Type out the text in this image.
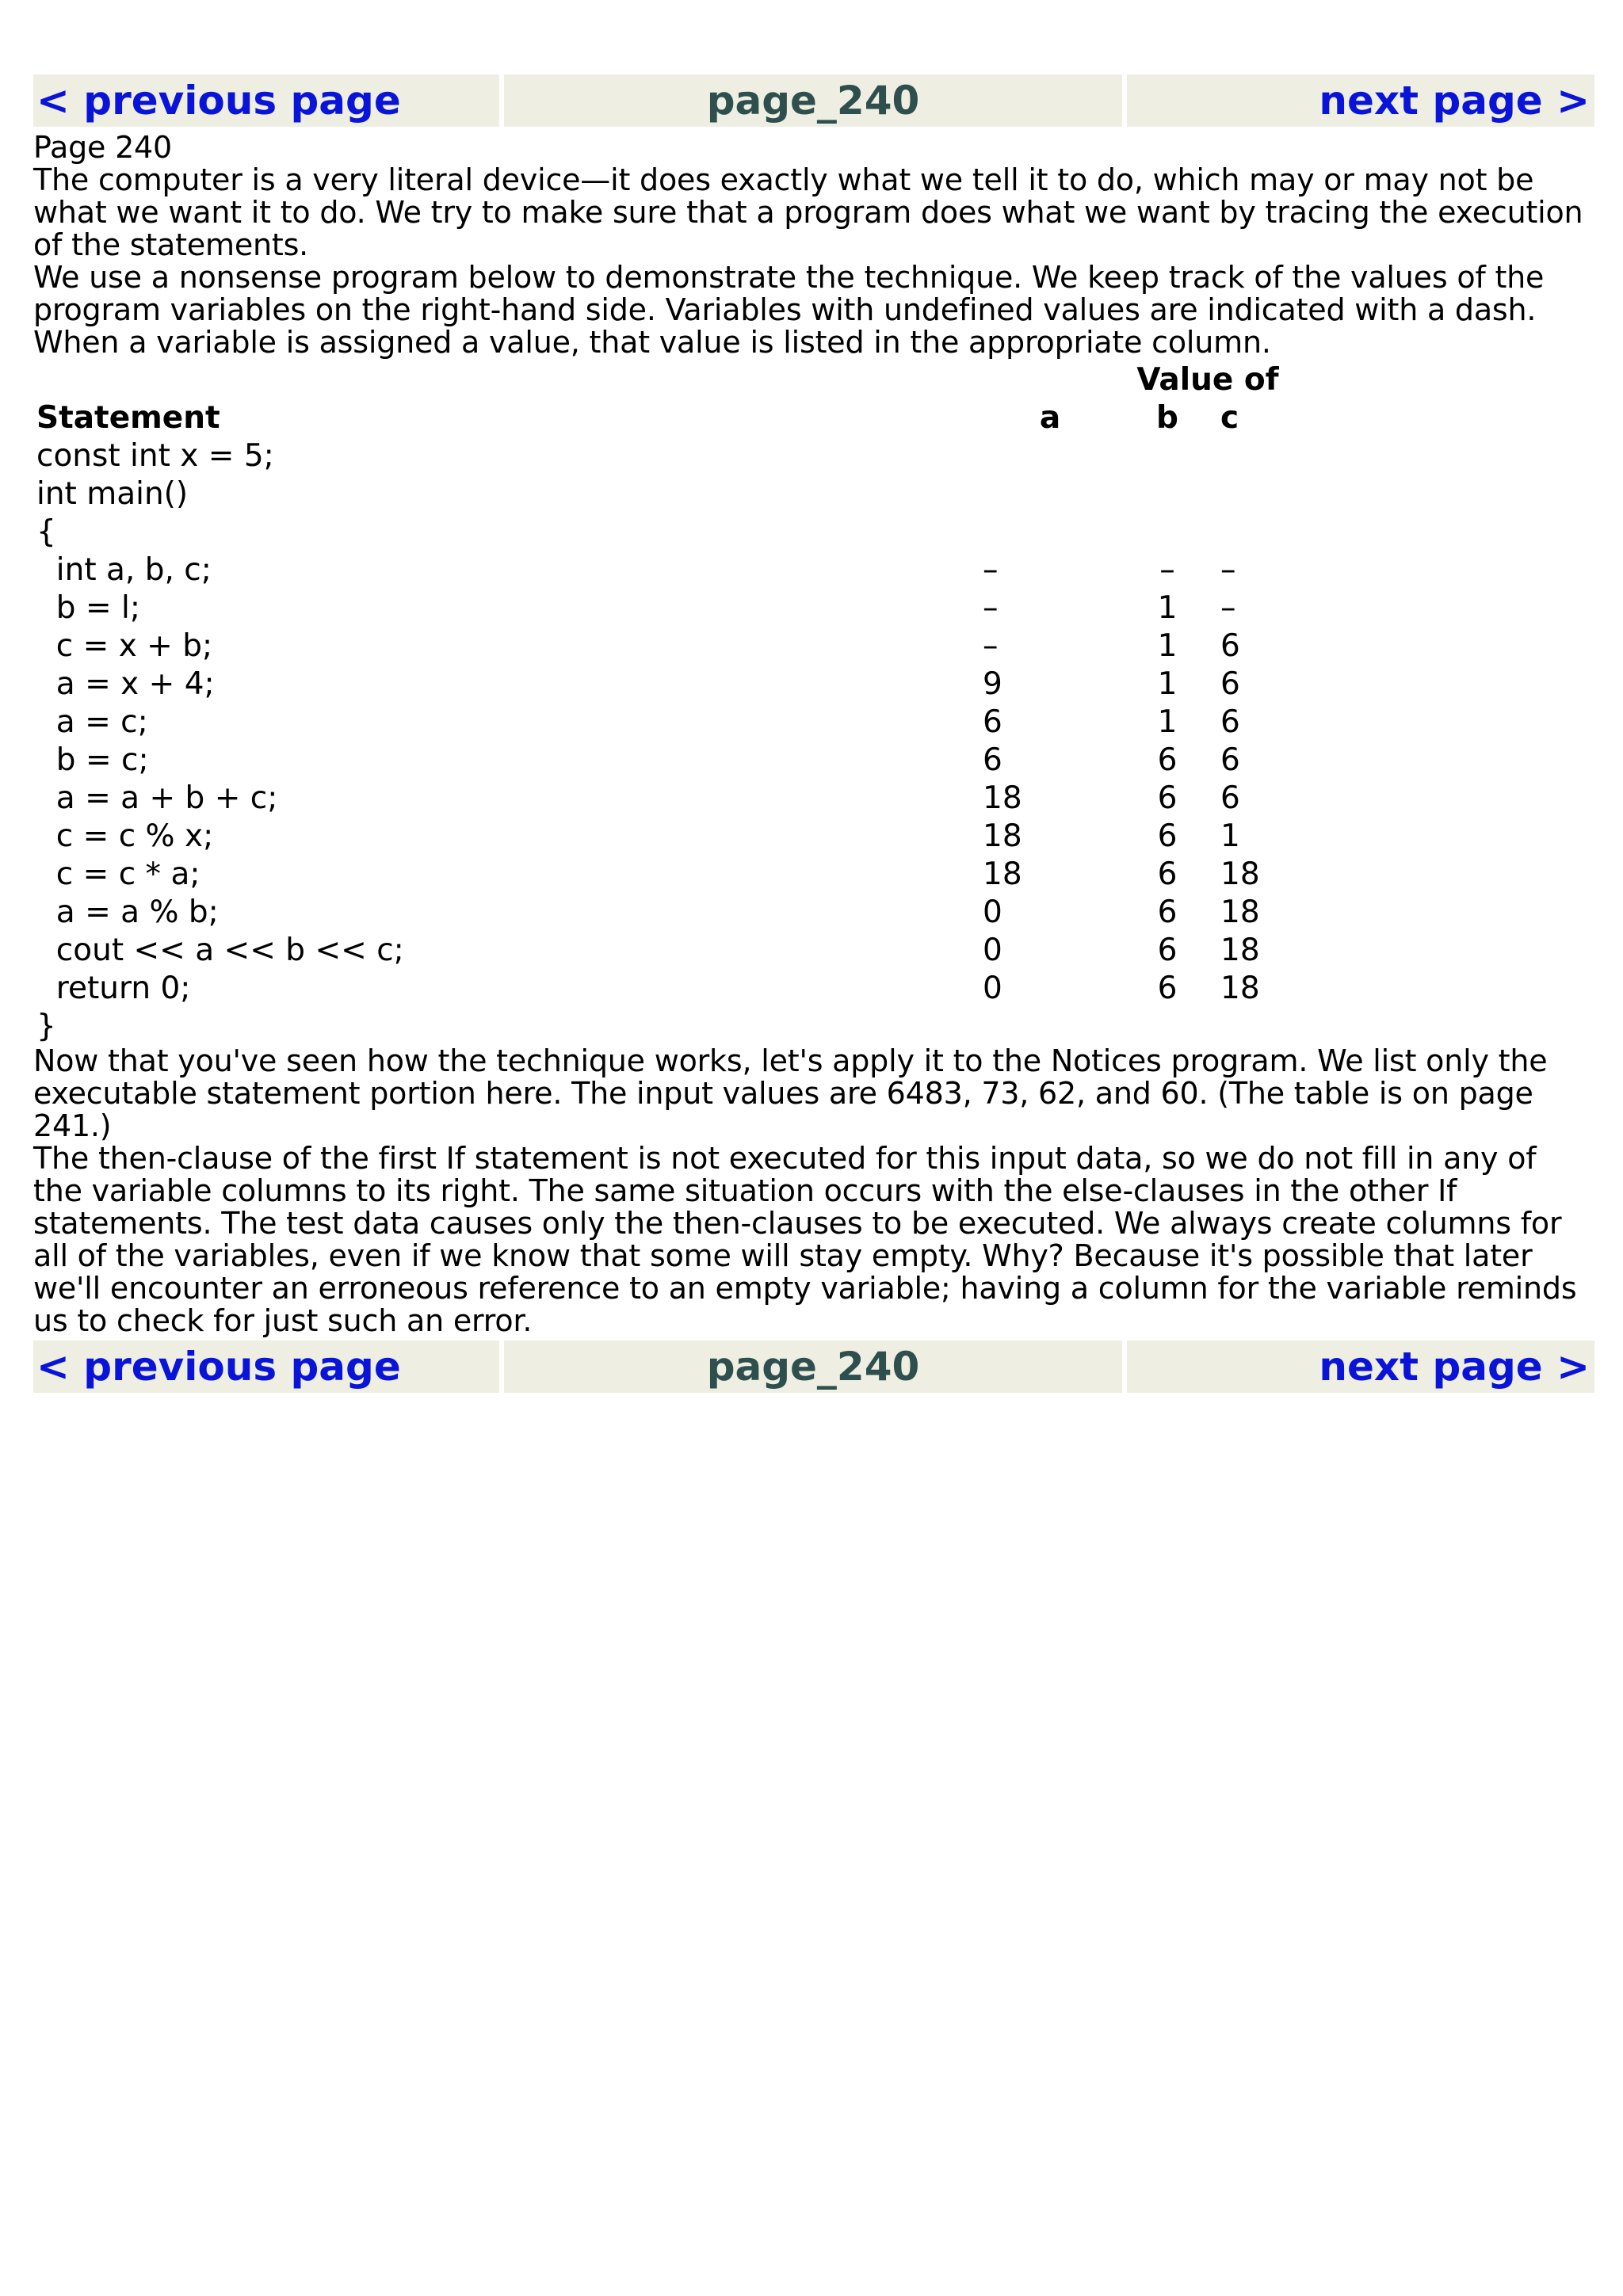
< previous page	page_240	next page >
Page 240

The computer is a very literal device—it does exactly what we tell it to do, which may or may not be what we want it to do. We try to make sure that a program does what we want by tracing the execution of the statements.

We use a nonsense program below to demonstrate the technique. We keep track of the values of the program variables on the right-hand side. Variables with undefined values are indicated with a dash. When a variable is assigned a value, that value is listed in the appropriate column.

		Value of	
Statement	a	b	c
const int x = 5;			
int main()			
{			
int a, b, c;	–	–	–
b = l;	–	1	–
c = x + b;	–	1	6
a = x + 4;	9	1	6
a = c;	6	1	6
b = c;	6	6	6
a = a + b + c;	18	6	6
c = c % x;	18	6	1
c = c * a;	18	6	18
a = a % b;	0	6	18
cout << a << b << c;	0	6	18
return 0;	0	6	18
}			

Now that you've seen how the technique works, let's apply it to the Notices program. We list only the executable statement portion here. The input values are 6483, 73, 62, and 60. (The table is on page 241.)

The then-clause of the first If statement is not executed for this input data, so we do not fill in any of the variable columns to its right. The same situation occurs with the else-clauses in the other If statements. The test data causes only the then-clauses to be executed. We always create columns for all of the variables, even if we know that some will stay empty. Why? Because it's possible that later we'll encounter an erroneous reference to an empty variable; having a column for the variable reminds us to check for just such an error.

< previous page	page_240	next page >
